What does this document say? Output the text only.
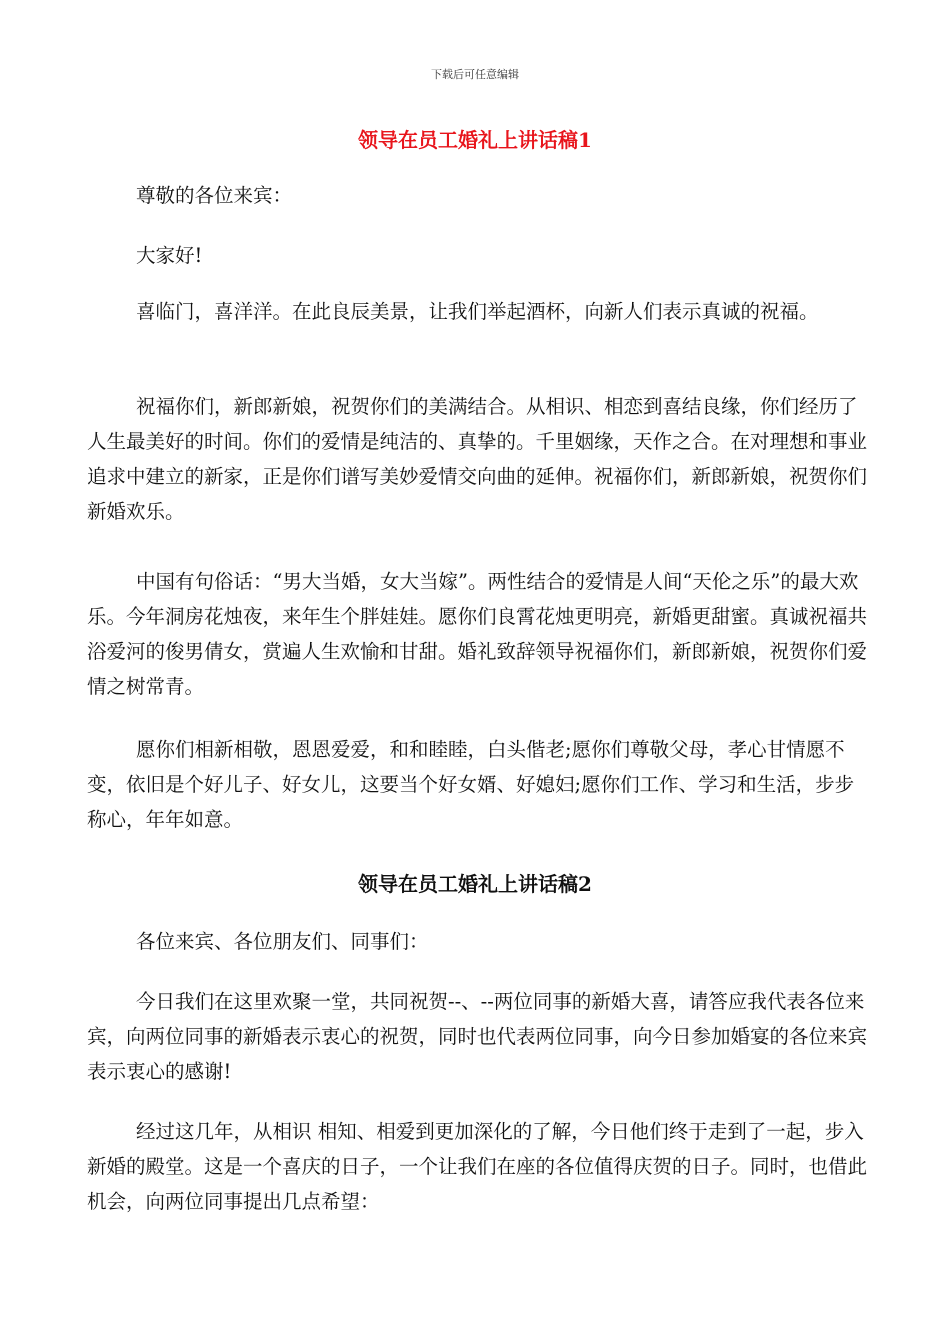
下载后可任意编辑
领导在员工婚礼上讲话稿1

尊敬的各位来宾：

大家好!

喜临门，喜洋洋。在此良辰美景，让我们举起酒杯，向新人们表示真诚的祝福。

祝福你们，新郎新娘，祝贺你们的美满结合。从相识、相恋到喜结良缘，你们经历了人生最美好的时间。你们的爱情是纯洁的、真挚的。千里姻缘，天作之合。在对理想和事业追求中建立的新家，正是你们谱写美妙爱情交向曲的延伸。祝福你们，新郎新娘，祝贺你们新婚欢乐。

中国有句俗话：“男大当婚，女大当嫁”。两性结合的爱情是人间“天伦之乐”的最大欢乐。今年洞房花烛夜，来年生个胖娃娃。愿你们良霄花烛更明亮，新婚更甜蜜。真诚祝福共浴爱河的俊男倩女，赏遍人生欢愉和甘甜。婚礼致辞领导祝福你们，新郎新娘，祝贺你们爱情之树常青。

愿你们相新相敬，恩恩爱爱，和和睦睦，白头偕老;愿你们尊敬父母，孝心甘情愿不变，依旧是个好儿子、好女儿，这要当个好女婿、好媳妇;愿你们工作、学习和生活，步步称心，年年如意。

领导在员工婚礼上讲话稿2

各位来宾、各位朋友们、同事们：

今日我们在这里欢聚一堂，共同祝贺--、--两位同事的新婚大喜，请答应我代表各位来宾，向两位同事的新婚表示衷心的祝贺，同时也代表两位同事，向今日参加婚宴的各位来宾表示衷心的感谢!

经过这几年，从相识 相知、相爱到更加深化的了解，今日他们终于走到了一起，步入新婚的殿堂。这是一个喜庆的日子，一个让我们在座的各位值得庆贺的日子。同时，也借此机会，向两位同事提出几点希望：
